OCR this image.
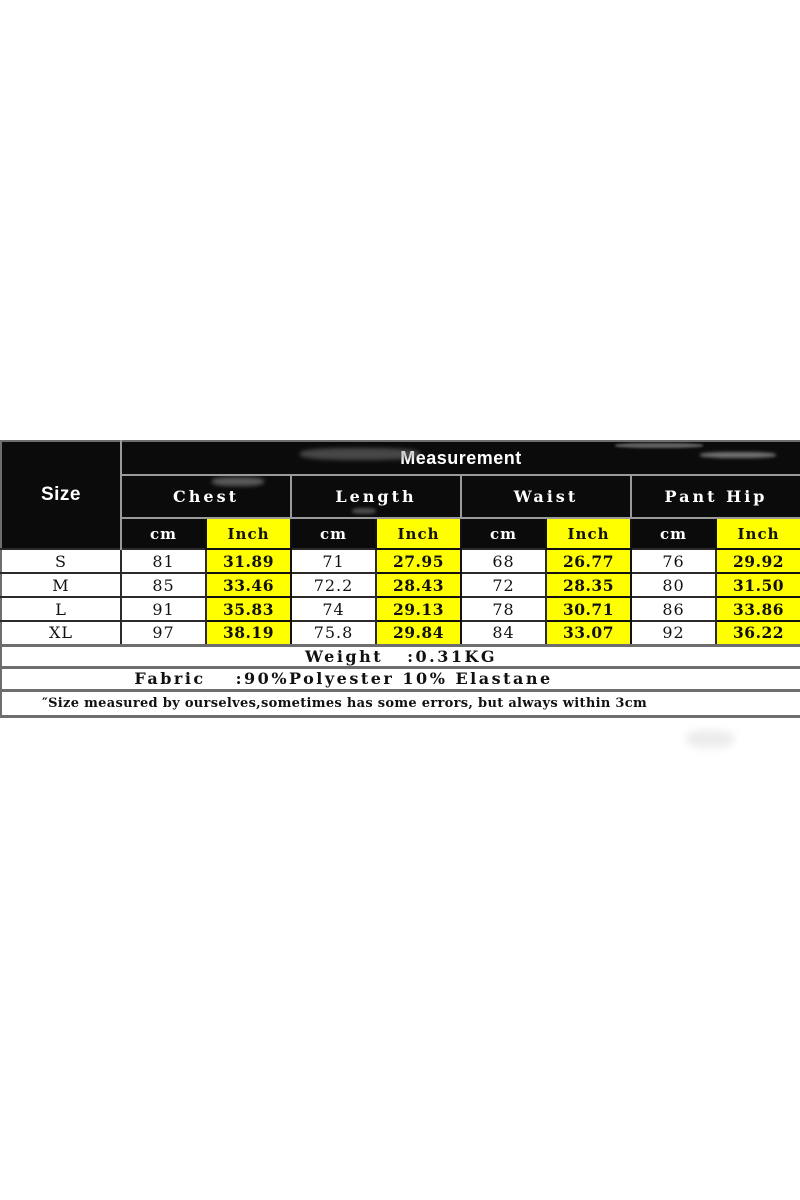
Size	Measurement							
	Chest		Length		Waist		Pant Hip	
	cm	Inch	cm	Inch	cm	Inch	cm	Inch
S	81	31.89	71	27.95	68	26.77	76	29.92
M	85	33.46	72.2	28.43	72	28.35	80	31.50
L	91	35.83	74	29.13	78	30.71	86	33.86
XL	97	38.19	75.8	29.84	84	33.07	92	36.22
Weight :0.31KG								
Fabric :90%Polyester 10% Elastane								
″Size measured by ourselves,sometimes has some errors, but always within 3cm								
